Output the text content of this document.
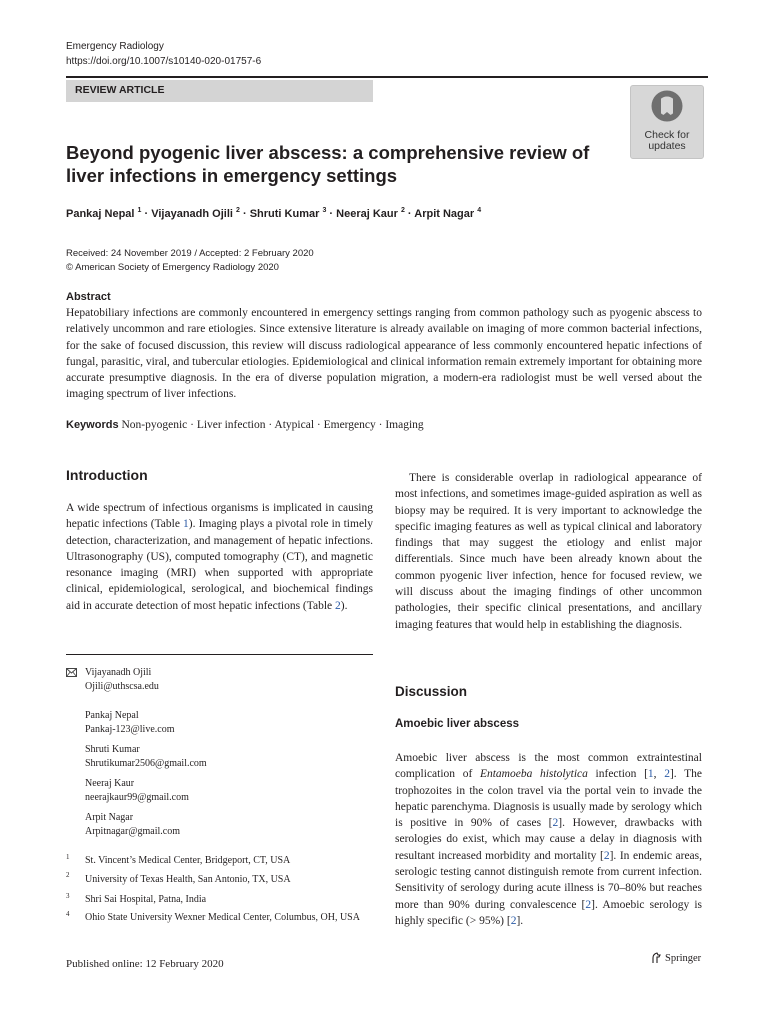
Emergency Radiology
https://doi.org/10.1007/s10140-020-01757-6
REVIEW ARTICLE
Check for
updates
Beyond pyogenic liver abscess: a comprehensive review of liver infections in emergency settings
Pankaj Nepal $^1$ · Vijayanadh Ojili $^2$ · Shruti Kumar $^3$ · Neeraj Kaur $^2$ · Arpit Nagar $^4$
Received: 24 November 2019 / Accepted: 2 February 2020
© American Society of Emergency Radiology 2020
Abstract
Hepatobiliary infections are commonly encountered in emergency settings ranging from common pathology such as pyogenic abscess to relatively uncommon and rare etiologies. Since extensive literature is already available on imaging of more common bacterial infections, for the sake of focused discussion, this review will discuss radiological appearance of less commonly encountered hepatic infections of fungal, parasitic, viral, and tubercular etiologies. Epidemiological and clinical information remain extremely important for obtaining more accurate presumptive diagnosis. In the era of diverse population migration, a modern-era radiologist must be well versed about the imaging spectrum of liver infections.
Keywords Non-pyogenic · Liver infection · Atypical · Emergency · Imaging
Introduction
A wide spectrum of infectious organisms is implicated in causing hepatic infections (Table 1). Imaging plays a pivotal role in timely detection, characterization, and management of hepatic infections. Ultrasonography (US), computed tomography (CT), and magnetic resonance imaging (MRI) when supported with appropriate clinical, epidemiological, serological, and biochemical findings aid in accurate detection of most hepatic infections (Table 2).
There is considerable overlap in radiological appearance of most infections, and sometimes image-guided aspiration as well as biopsy may be required. It is very important to acknowledge the specific imaging features as well as typical clinical and laboratory findings that may suggest the etiology and enlist major differentials. Since much have been already known about the common pyogenic liver infection, hence for focused review, we will discuss about the imaging findings of other uncommon pathologies, their specific clinical presentations, and ancillary imaging features that would help in establishing the diagnosis.
Vijayanadh Ojili
Ojili@uthscsa.edu
Pankaj Nepal
Pankaj-123@live.com
Shruti Kumar
Shrutikumar2506@gmail.com
Neeraj Kaur
neerajkaur99@gmail.com
Arpit Nagar
Arpitnagar@gmail.com
1 St. Vincent’s Medical Center, Bridgeport, CT, USA
2 University of Texas Health, San Antonio, TX, USA
3 Shri Sai Hospital, Patna, India
4 Ohio State University Wexner Medical Center, Columbus, OH, USA
Discussion
Amoebic liver abscess
Amoebic liver abscess is the most common extraintestinal complication of Entamoeba histolytica infection [1, 2]. The trophozoites in the colon travel via the portal vein to invade the hepatic parenchyma. Diagnosis is usually made by serology which is positive in 90% of cases [2]. However, drawbacks with serologies do exist, which may cause a delay in diagnosis with resultant increased morbidity and mortality [2]. In endemic areas, serologic testing cannot distinguish remote from current infection. Sensitivity of serology during acute illness is 70–80% but reaches more than 90% during convalescence [2]. Amoebic serology is highly specific (> 95%) [2].
Published online: 12 February 2020	Springer
